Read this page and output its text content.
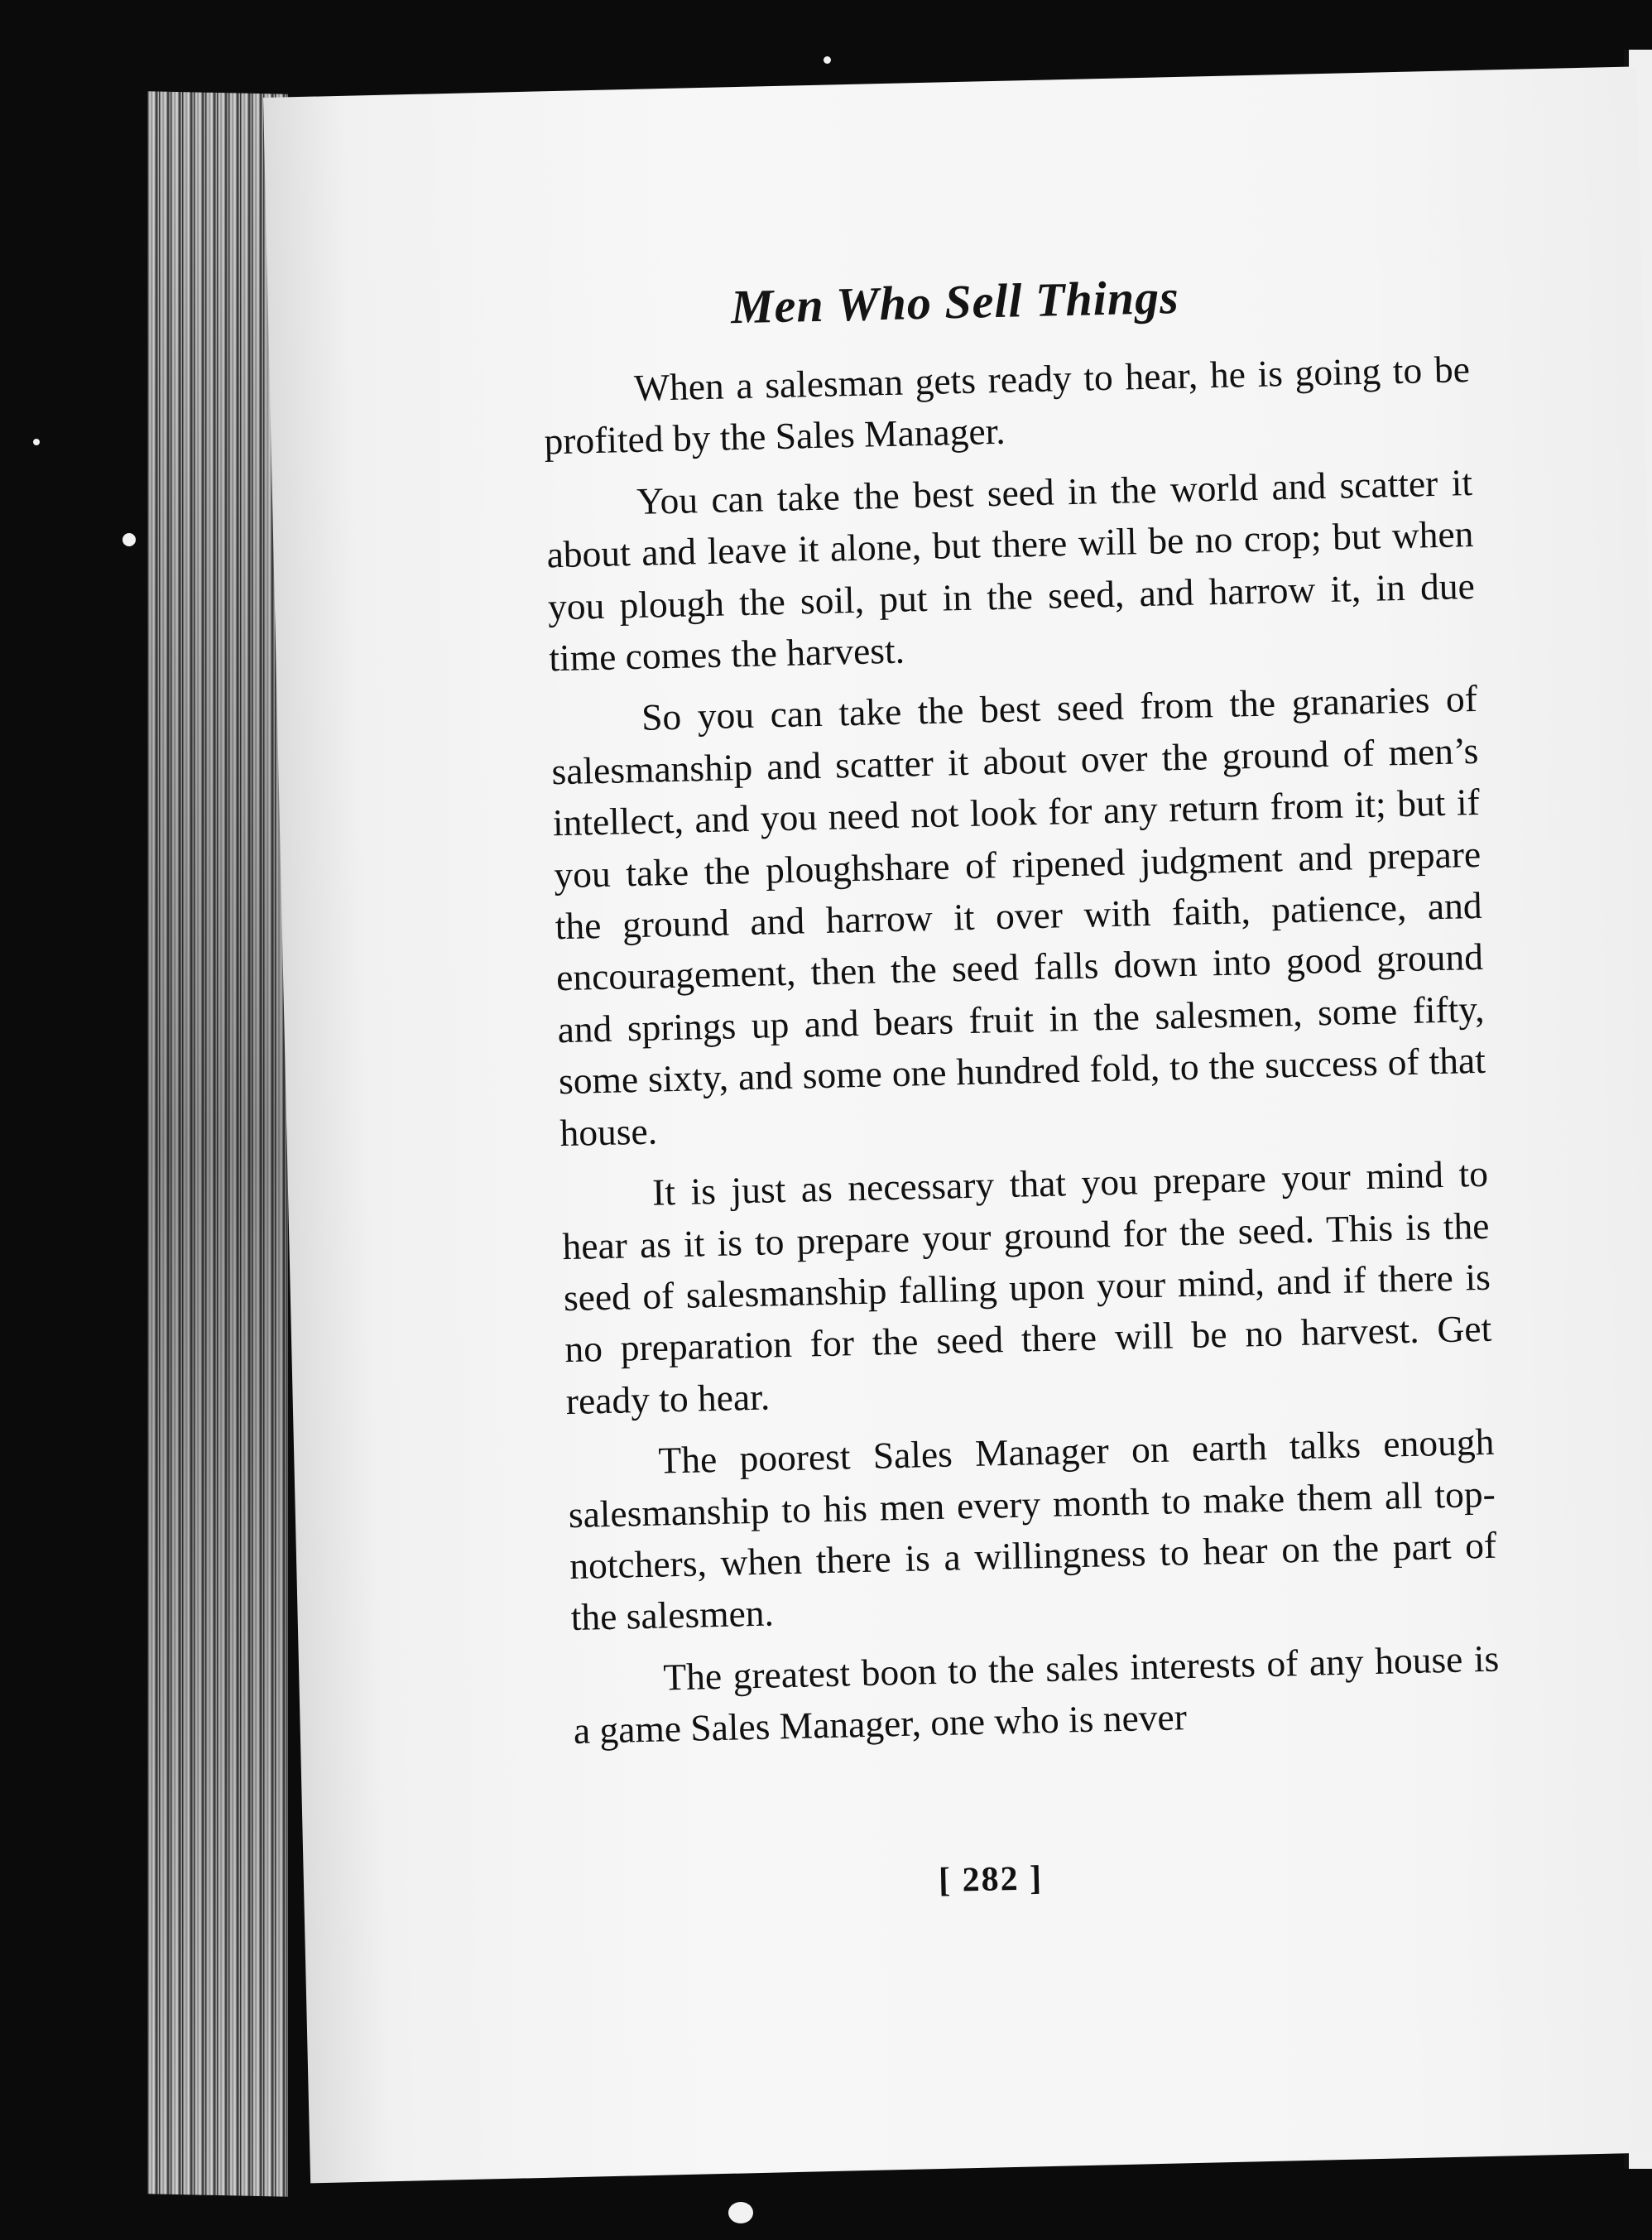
Men Who Sell Things

When a salesman gets ready to hear, he is going to be profited by the Sales Manager.

You can take the best seed in the world and scatter it about and leave it alone, but there will be no crop; but when you plough the soil, put in the seed, and harrow it, in due time comes the harvest.

So you can take the best seed from the granaries of salesmanship and scatter it about over the ground of men’s intellect, and you need not look for any return from it; but if you take the ploughshare of ripened judgment and prepare the ground and harrow it over with faith, patience, and encouragement, then the seed falls down into good ground and springs up and bears fruit in the salesmen, some fifty, some sixty, and some one hundred fold, to the success of that house.

It is just as necessary that you prepare your mind to hear as it is to prepare your ground for the seed. This is the seed of salesmanship falling upon your mind, and if there is no preparation for the seed there will be no harvest. Get ready to hear.

The poorest Sales Manager on earth talks enough salesmanship to his men every month to make them all top-notchers, when there is a willingness to hear on the part of the salesmen.

The greatest boon to the sales interests of any house is a game Sales Manager, one who is never

[ 282 ]
